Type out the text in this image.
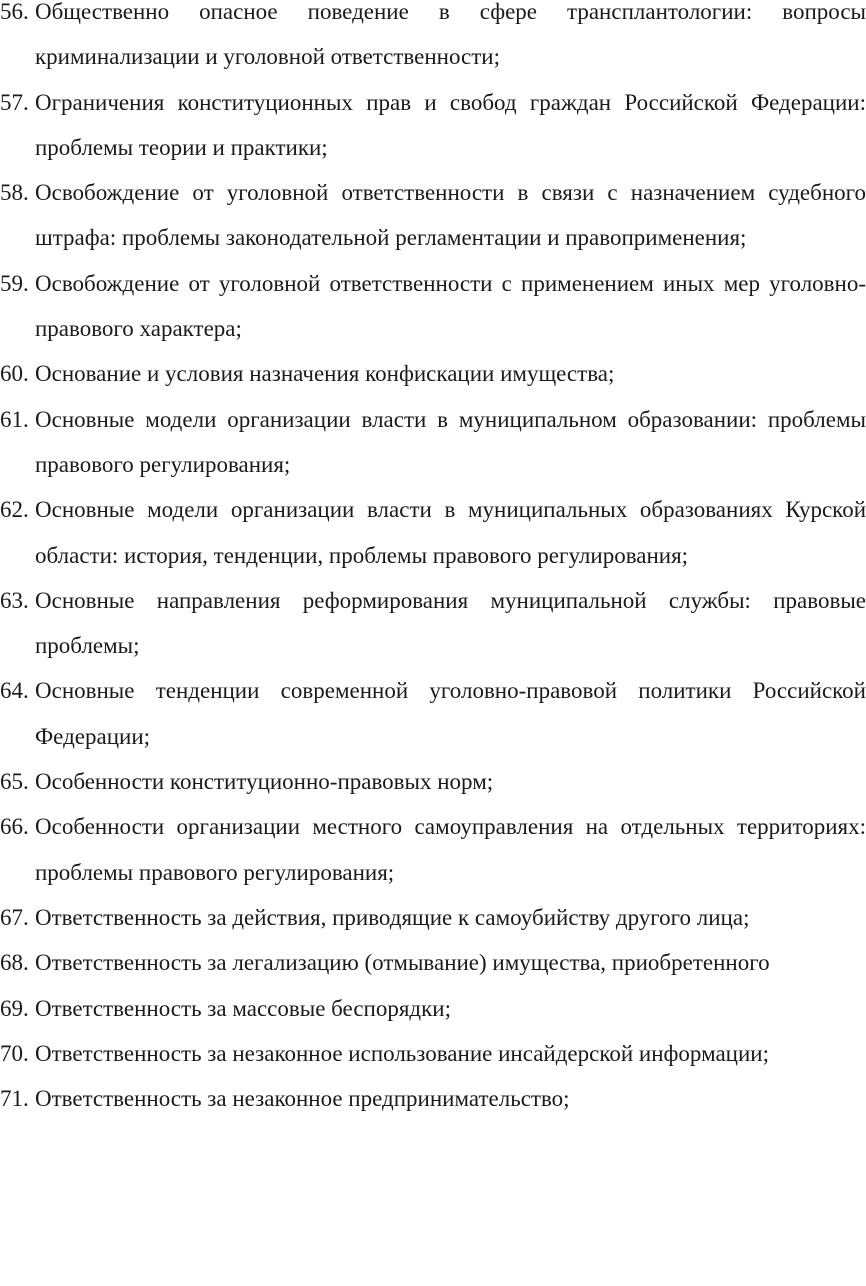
56. Общественно опасное поведение в сфере трансплантологии: вопросы криминализации и уголовной ответственности;
57. Ограничения конституционных прав и свобод граждан Российской Федерации: проблемы теории и практики;
58. Освобождение от уголовной ответственности в связи с назначением судебного штрафа: проблемы законодательной регламентации и правоприменения;
59. Освобождение от уголовной ответственности с применением иных мер уголовно-правового характера;
60. Основание и условия назначения конфискации имущества;
61. Основные модели организации власти в муниципальном образовании: проблемы правового регулирования;
62. Основные модели организации власти в муниципальных образованиях Курской области: история, тенденции, проблемы правового регулирования;
63. Основные направления реформирования муниципальной службы: правовые проблемы;
64. Основные тенденции современной уголовно-правовой политики Российской Федерации;
65. Особенности конституционно-правовых норм;
66. Особенности организации местного самоуправления на отдельных территориях: проблемы правового регулирования;
67. Ответственность за действия, приводящие к самоубийству другого лица;
68. Ответственность за легализацию (отмывание) имущества, приобретенного
69. Ответственность за массовые беспорядки;
70. Ответственность за незаконное использование инсайдерской информации;
71. Ответственность за незаконное предпринимательство;
